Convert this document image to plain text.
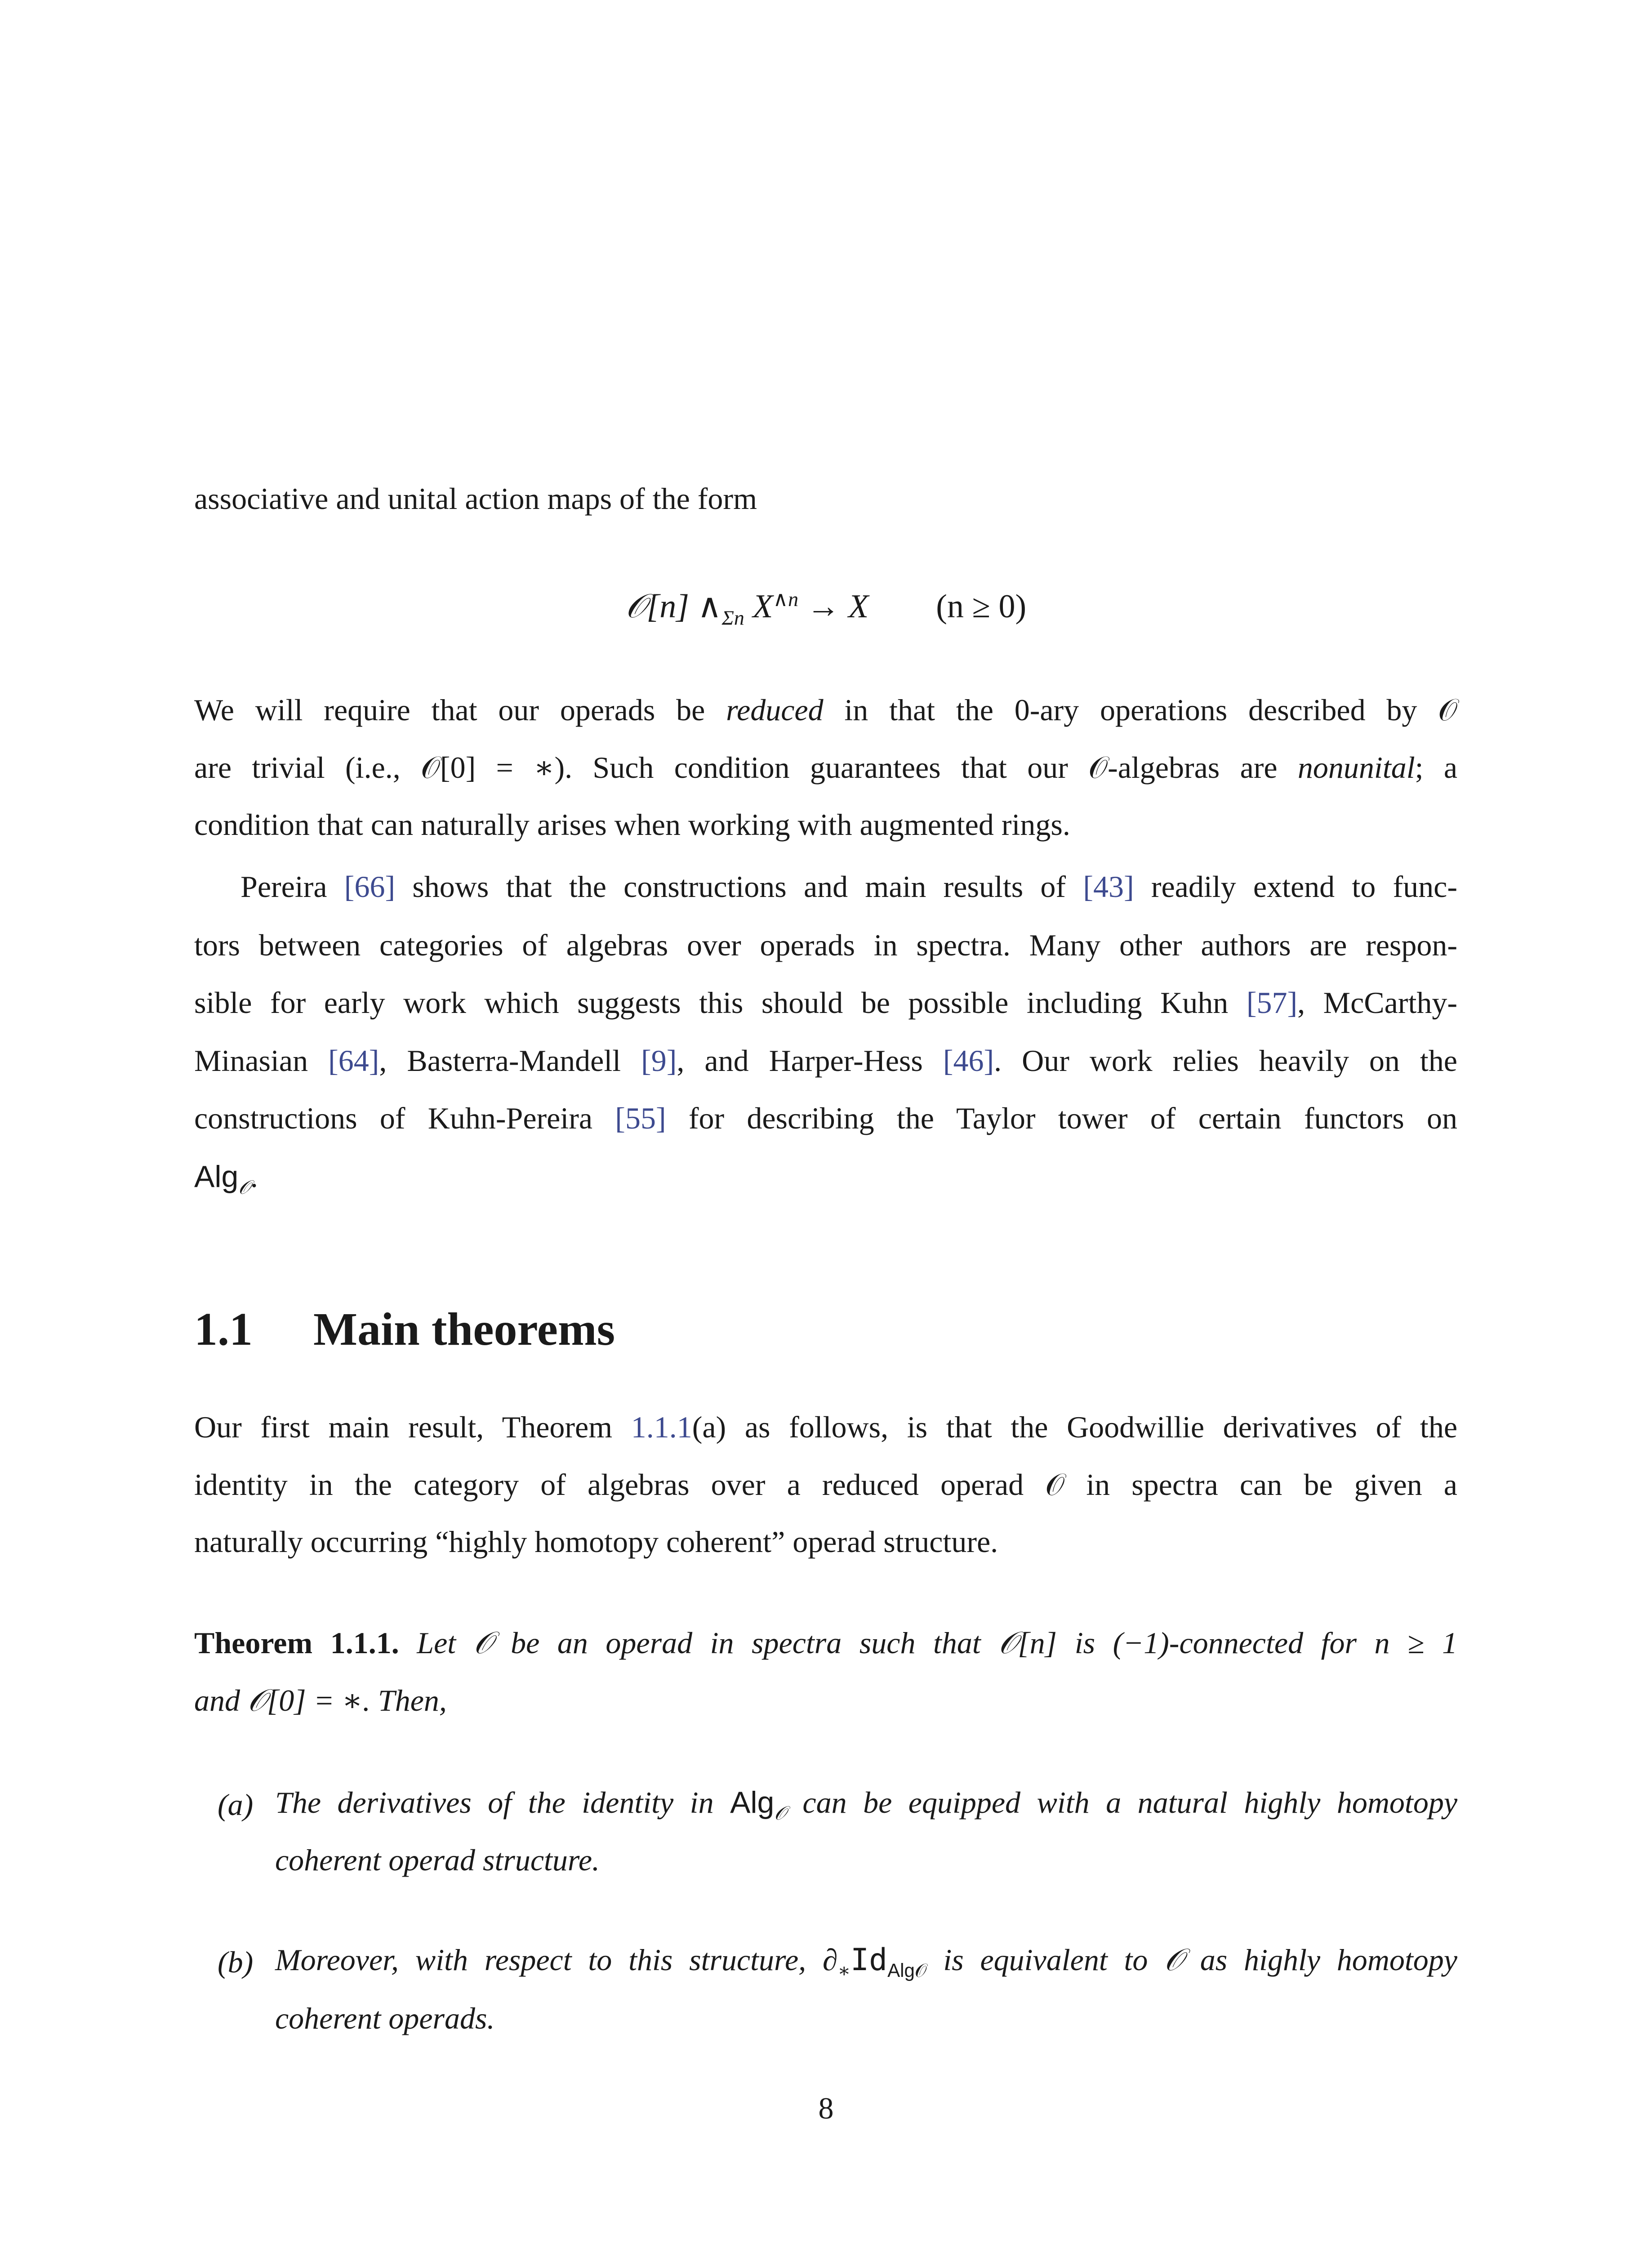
associative and unital action maps of the form
𝒪[n] $\wedge_{\Sigma n}$ $X^{\wedge n} \to X$ (n ≥ 0)
We will require that our operads be reduced in that the 0-ary operations described by 𝒪
are trivial (i.e., 𝒪[0] = ∗). Such condition guarantees that our 𝒪-algebras are nonunital; a
condition that can naturally arises when working with augmented rings.
Pereira [66] shows that the constructions and main results of [43] readily extend to func-
tors between categories of algebras over operads in spectra. Many other authors are respon-
sible for early work which suggests this should be possible including Kuhn [57], McCarthy-
Minasian [64], Basterra-Mandell [9], and Harper-Hess [46]. Our work relies heavily on the
constructions of Kuhn-Pereira [55] for describing the Taylor tower of certain functors on
Alg$_𝒪$.
1.1 Main theorems
Our first main result, Theorem 1.1.1(a) as follows, is that the Goodwillie derivatives of the
identity in the category of algebras over a reduced operad 𝒪 in spectra can be given a
naturally occurring “highly homotopy coherent” operad structure.
Theorem 1.1.1. Let 𝒪 be an operad in spectra such that 𝒪[n] is (−1)-connected for n ≥ 1
and 𝒪[0] = ∗. Then,
(a) The derivatives of the identity in Alg$_𝒪$ can be equipped with a natural highly homotopy
coherent operad structure.
(b) Moreover, with respect to this structure, $\partial_∗Id_{Alg𝒪}$ is equivalent to 𝒪 as highly homotopy
coherent operads.
8
